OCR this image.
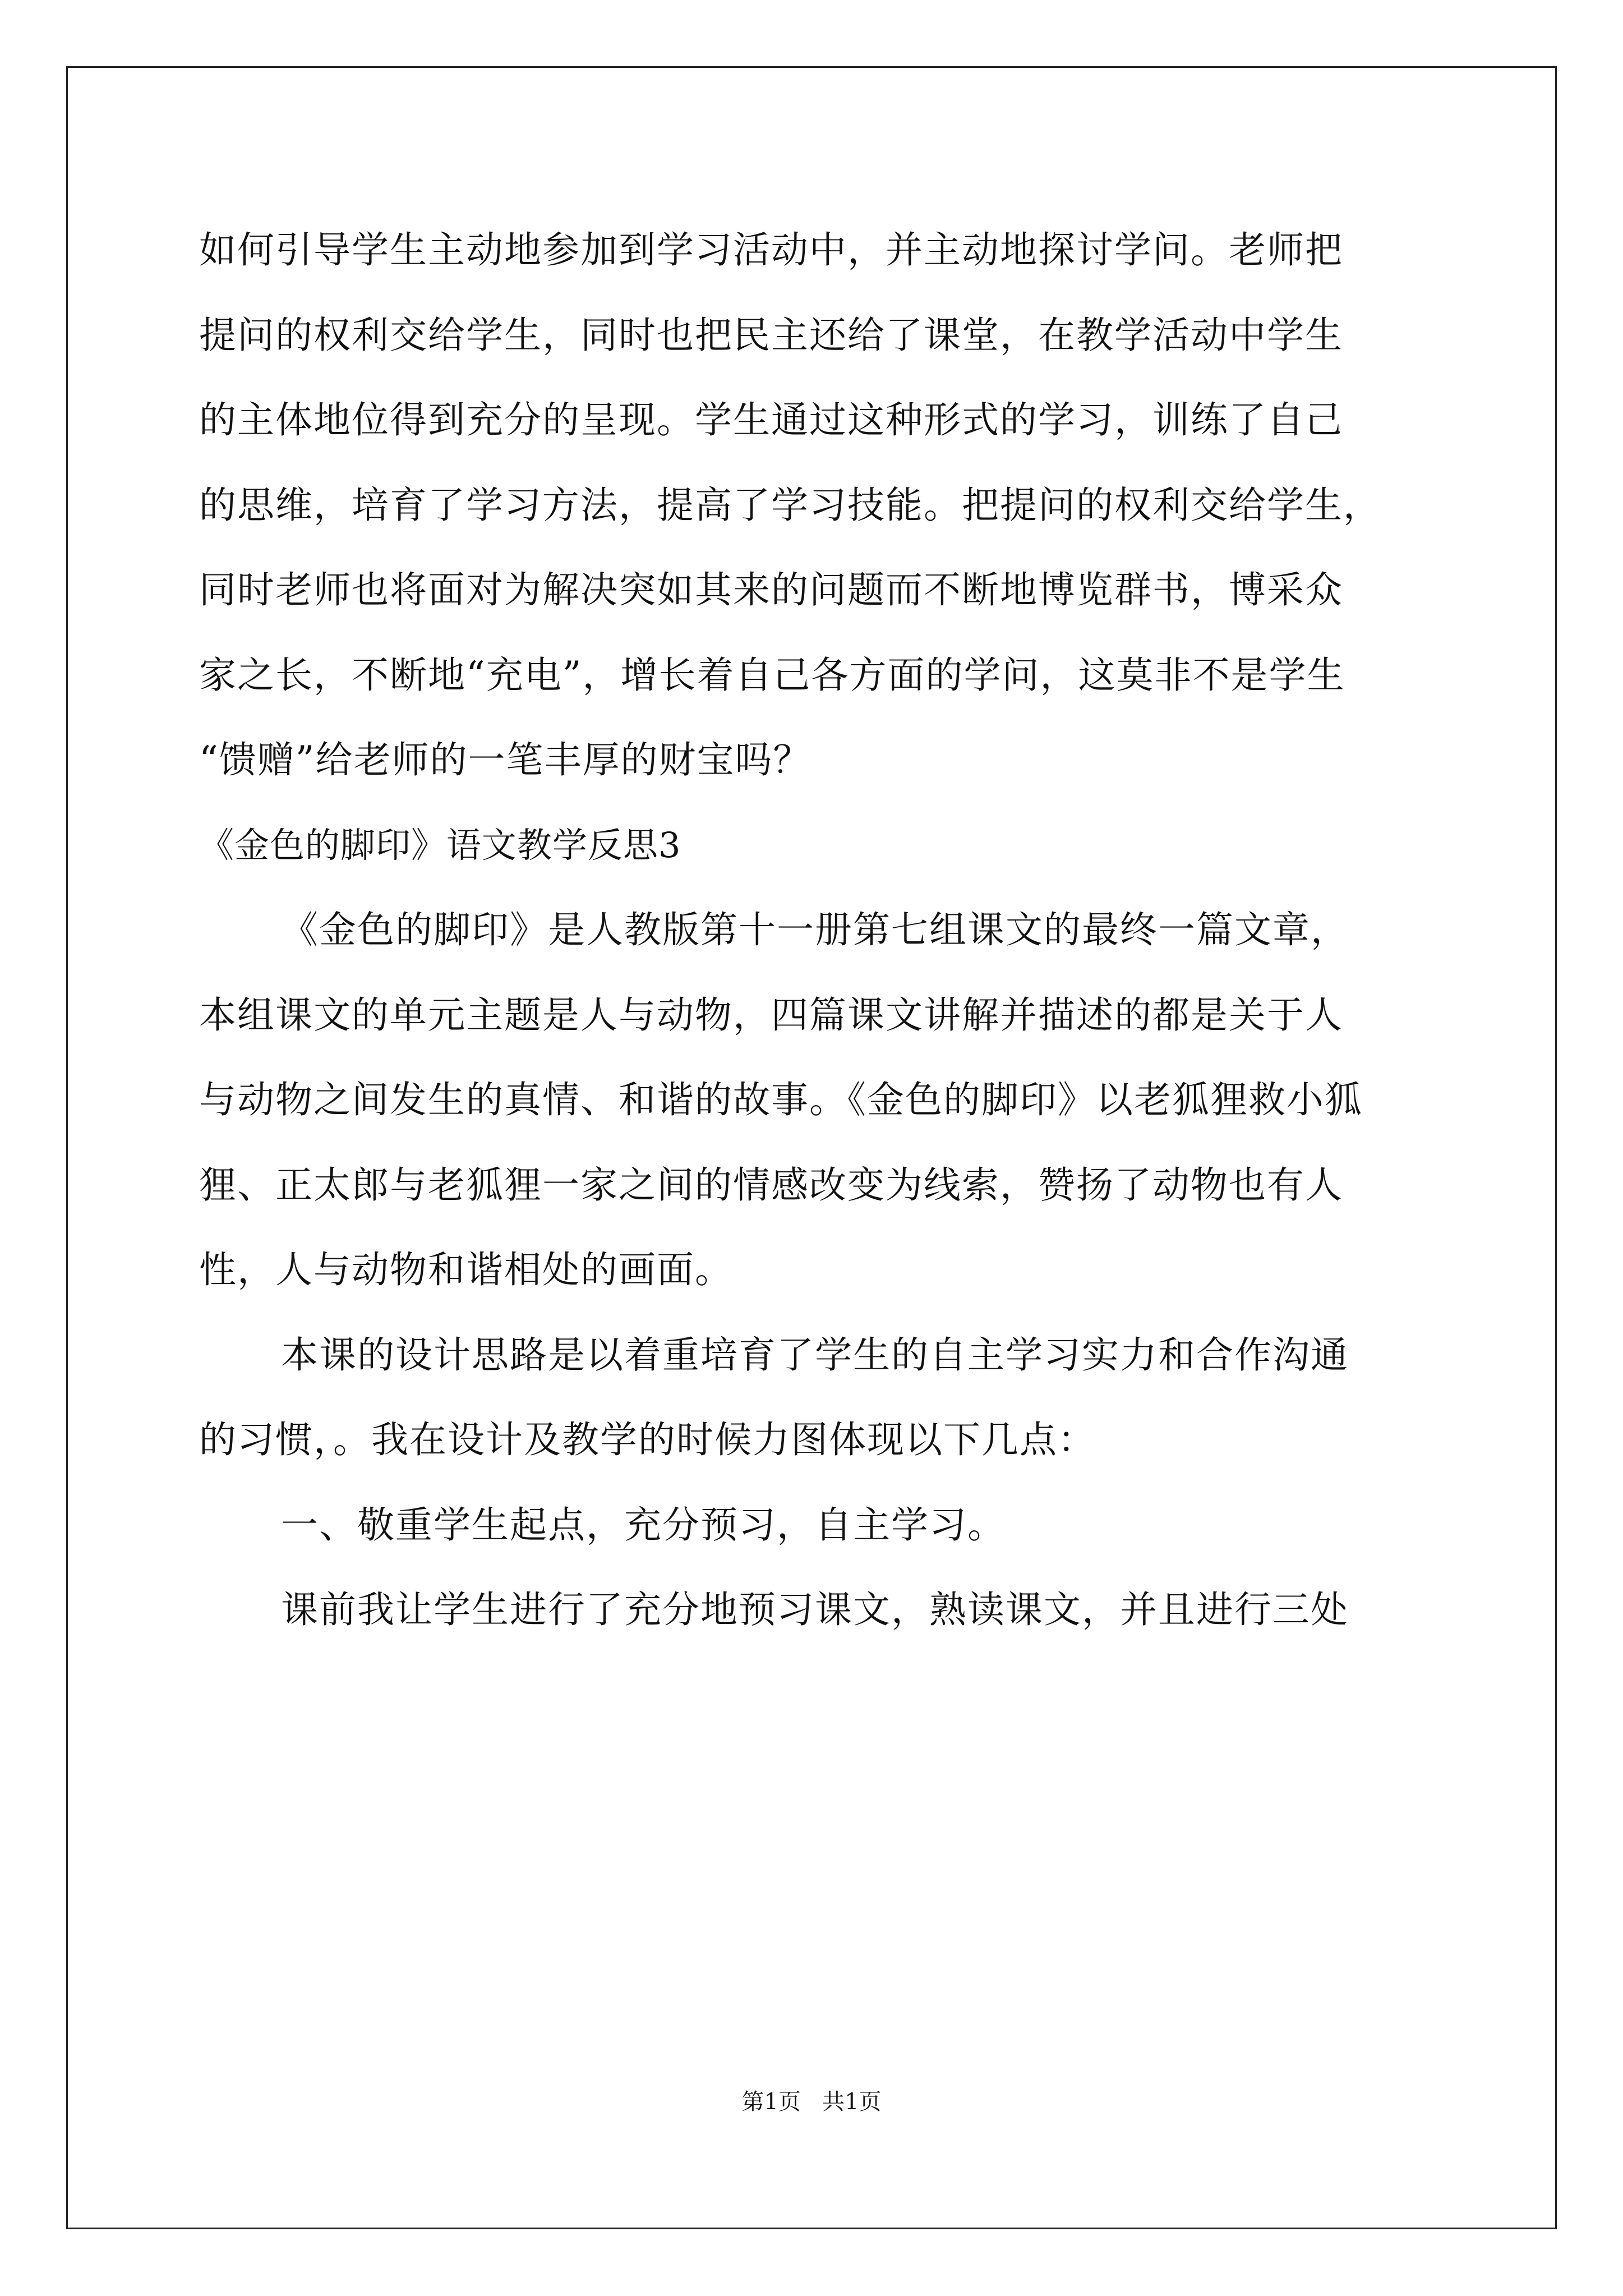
如何引导学生主动地参加到学习活动中，并主动地探讨学问。老师把
提问的权利交给学生，同时也把民主还给了课堂，在教学活动中学生
的主体地位得到充分的呈现。学生通过这种形式的学习，训练了自己
的思维，培育了学习方法，提高了学习技能。把提问的权利交给学生，
同时老师也将面对为解决突如其来的问题而不断地博览群书，博采众
家之长，不断地“充电”，增长着自己各方面的学问，这莫非不是学生
“馈赠”给老师的一笔丰厚的财宝吗？
《金色的脚印》语文教学反思3
《金色的脚印》是人教版第十一册第七组课文的最终一篇文章，
本组课文的单元主题是人与动物，四篇课文讲解并描述的都是关于人
与动物之间发生的真情、和谐的故事。《金色的脚印》以老狐狸救小狐
狸、正太郎与老狐狸一家之间的情感改变为线索，赞扬了动物也有人
性，人与动物和谐相处的画面。
本课的设计思路是以着重培育了学生的自主学习实力和合作沟通
的习惯，。我在设计及教学的时候力图体现以下几点：
一、敬重学生起点，充分预习，自主学习。
课前我让学生进行了充分地预习课文，熟读课文，并且进行三处
第1页   共1页
